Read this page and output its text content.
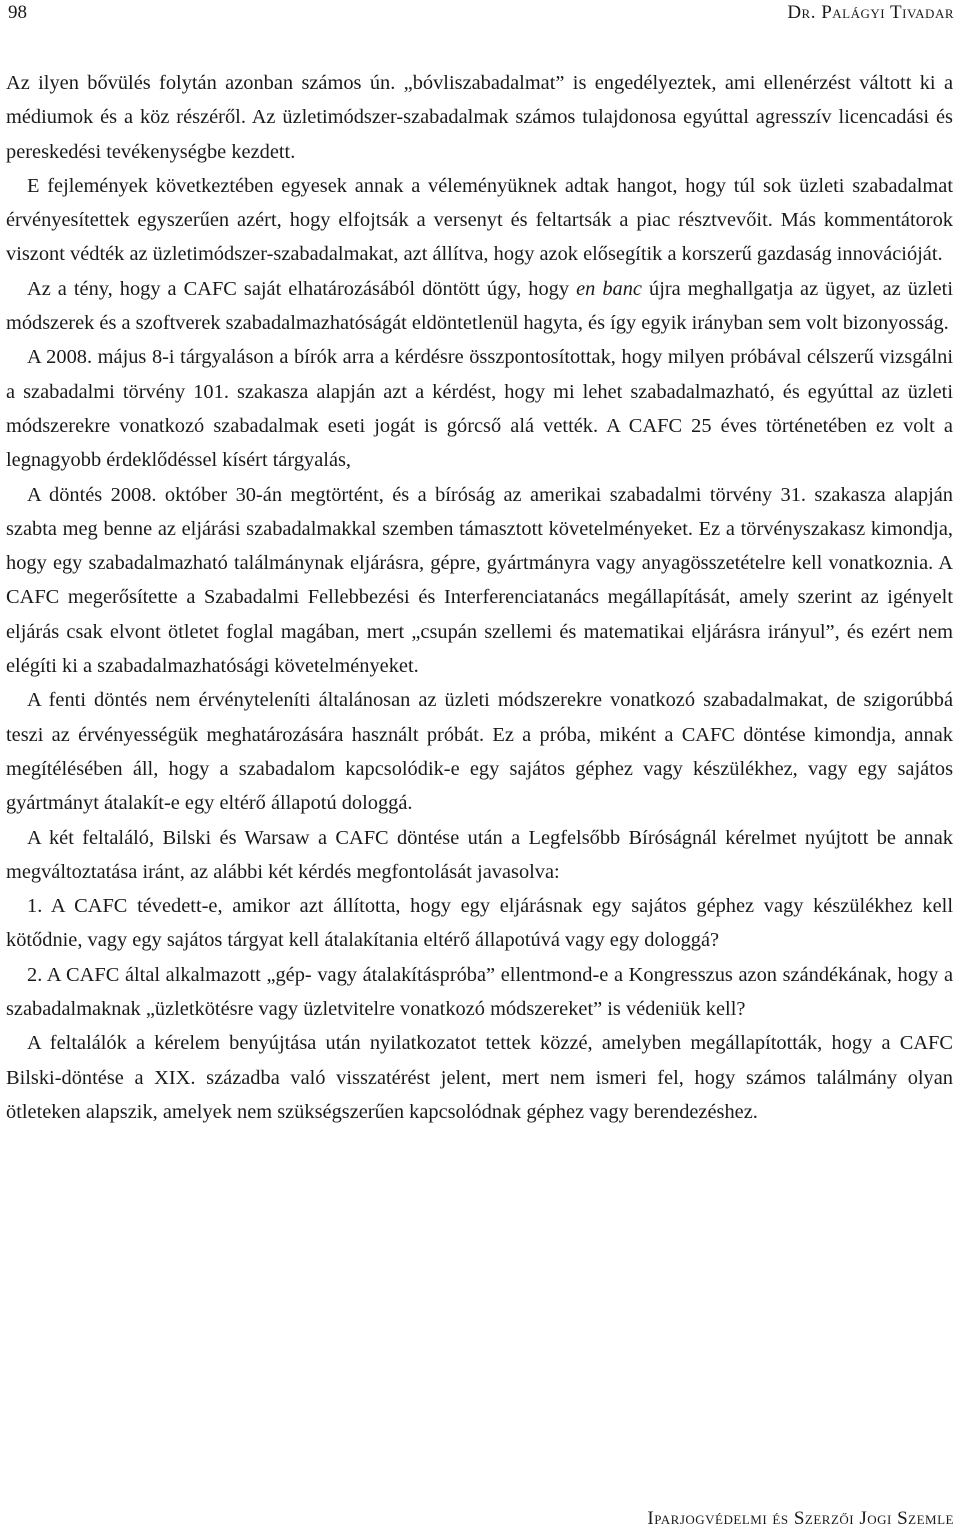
98	Dr. Palágyi Tivadar

Az ilyen bővülés folytán azonban számos ún. „bóvliszabadalmat” is engedélyeztek, ami ellenérzést váltott ki a médiumok és a köz részéről. Az üzletimódszer-szabadalmak számos tulajdonosa egyúttal agresszív licencadási és pereskedési tevékenységbe kezdett.

E fejlemények következtében egyesek annak a véleményüknek adtak hangot, hogy túl sok üzleti szabadalmat érvényesítettek egyszerűen azért, hogy elfojtsák a versenyt és feltartsák a piac résztvevőit. Más kommentátorok viszont védték az üzletimódszer-szabadalmakat, azt állítva, hogy azok elősegítik a korszerű gazdaság innovációját.

Az a tény, hogy a CAFC saját elhatározásából döntött úgy, hogy en banc újra meghallgatja az ügyet, az üzleti módszerek és a szoftverek szabadalmazhatóságát eldöntetlenül hagyta, és így egyik irányban sem volt bizonyosság.

A 2008. május 8-i tárgyaláson a bírók arra a kérdésre összpontosítottak, hogy milyen próbával célszerű vizsgálni a szabadalmi törvény 101. szakasza alapján azt a kérdést, hogy mi lehet szabadalmazható, és egyúttal az üzleti módszerekre vonatkozó szabadalmak eseti jogát is górcső alá vették. A CAFC 25 éves történetében ez volt a legnagyobb érdeklődéssel kísért tárgyalás,

A döntés 2008. október 30-án megtörtént, és a bíróság az amerikai szabadalmi törvény 31. szakasza alapján szabta meg benne az eljárási szabadalmakkal szemben támasztott követelményeket. Ez a törvényszakasz kimondja, hogy egy szabadalmazható találmánynak eljárásra, gépre, gyártmányra vagy anyagösszetételre kell vonatkoznia. A CAFC megerősítette a Szabadalmi Fellebbezési és Interferenciatanács megállapítását, amely szerint az igényelt eljárás csak elvont ötletet foglal magában, mert „csupán szellemi és matematikai eljárásra irányul”, és ezért nem elégíti ki a szabadalmazhatósági követelményeket.

A fenti döntés nem érvényteleníti általánosan az üzleti módszerekre vonatkozó szabadalmakat, de szigorúbbá teszi az érvényességük meghatározására használt próbát. Ez a próba, miként a CAFC döntése kimondja, annak megítélésében áll, hogy a szabadalom kapcsolódik-e egy sajátos géphez vagy készülékhez, vagy egy sajátos gyártmányt átalakít-e egy eltérő állapotú dologgá.

A két feltaláló, Bilski és Warsaw a CAFC döntése után a Legfelsőbb Bíróságnál kérelmet nyújtott be annak megváltoztatása iránt, az alábbi két kérdés megfontolását javasolva:

1. A CAFC tévedett-e, amikor azt állította, hogy egy eljárásnak egy sajátos géphez vagy készülékhez kell kötődnie, vagy egy sajátos tárgyat kell átalakítania eltérő állapotúvá vagy egy dologgá?

2. A CAFC által alkalmazott „gép- vagy átalakításpróba” ellentmond-e a Kongresszus azon szándékának, hogy a szabadalmaknak „üzletkötésre vagy üzletvitelre vonatkozó módszereket” is védeniük kell?

A feltalálók a kérelem benyújtása után nyilatkozatot tettek közzé, amelyben megállapították, hogy a CAFC Bilski-döntése a XIX. századba való visszatérést jelent, mert nem ismeri fel, hogy számos találmány olyan ötleteken alapszik, amelyek nem szükségszerűen kapcsolódnak géphez vagy berendezéshez.

Iparjogvédelmi és Szerzői Jogi Szemle
